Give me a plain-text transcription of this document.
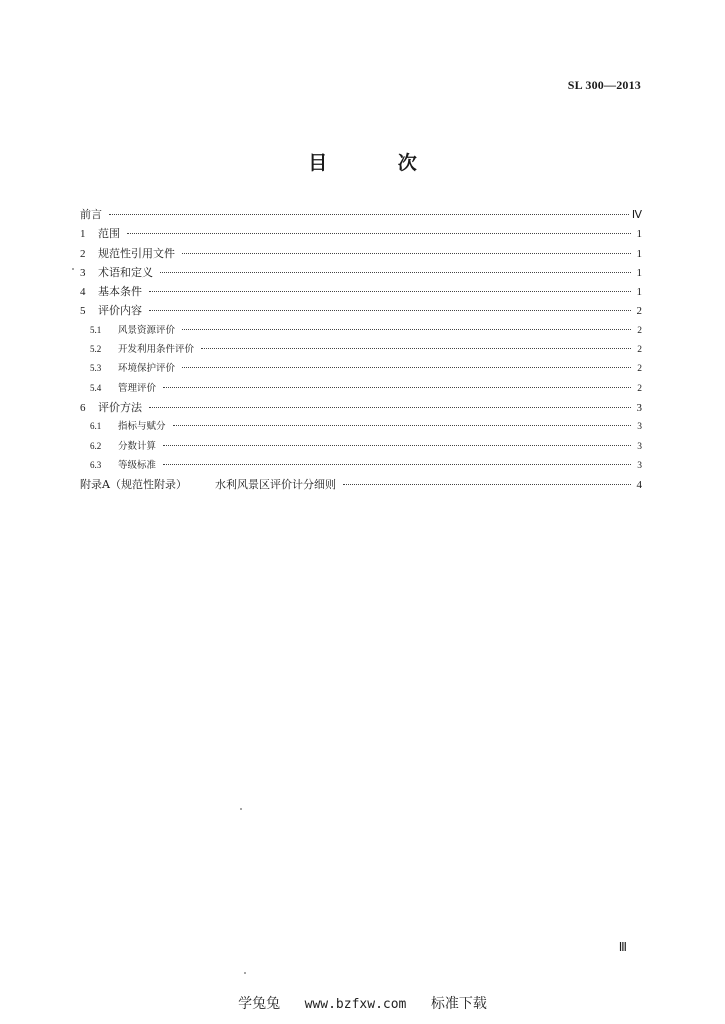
SL 300—2013
目 次
前言	Ⅳ
1	范围	1
2	规范性引用文件	1
3	术语和定义	1
4	基本条件	1
5	评价内容	2
5.1	风景资源评价	2
5.2	开发利用条件评价	2
5.3	环境保护评价	2
5.4	管理评价	2
6	评价方法	3
6.1	指标与赋分	3
6.2	分数计算	3
6.3	等级标准	3
附录A（规范性附录）	水利风景区评价计分细则	4
Ⅲ
学兔兔 www.bzfxw.com 标准下载
